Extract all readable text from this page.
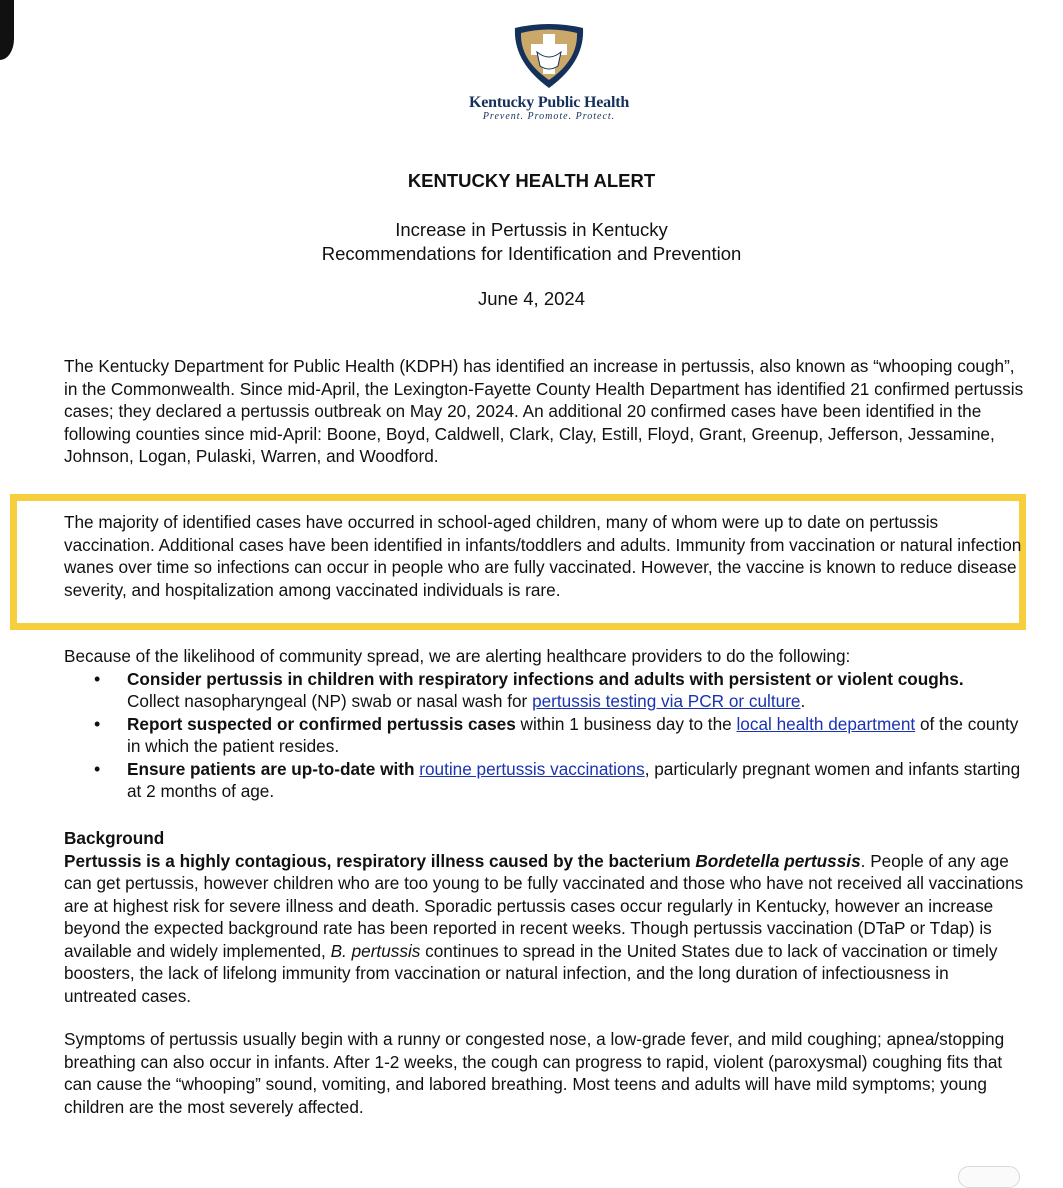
Kentucky Public Health
Prevent. Promote. Protect.
KENTUCKY HEALTH ALERT
Increase in Pertussis in Kentucky
Recommendations for Identification and Prevention
June 4, 2024
The Kentucky Department for Public Health (KDPH) has identified an increase in pertussis, also known as “whooping cough”, in the Commonwealth. Since mid-April, the Lexington-Fayette County Health Department has identified 21 confirmed pertussis cases; they declared a pertussis outbreak on May 20, 2024. An additional 20 confirmed cases have been identified in the following counties since mid-April: Boone, Boyd, Caldwell, Clark, Clay, Estill, Floyd, Grant, Greenup, Jefferson, Jessamine, Johnson, Logan, Pulaski, Warren, and Woodford.
The majority of identified cases have occurred in school-aged children, many of whom were up to date on pertussis vaccination. Additional cases have been identified in infants/toddlers and adults. Immunity from vaccination or natural infection wanes over time so infections can occur in people who are fully vaccinated. However, the vaccine is known to reduce disease severity, and hospitalization among vaccinated individuals is rare.
Because of the likelihood of community spread, we are alerting healthcare providers to do the following:
• Consider pertussis in children with respiratory infections and adults with persistent or violent coughs.  Collect nasopharyngeal (NP) swab or nasal wash for pertussis testing via PCR or culture.
• Report suspected or confirmed pertussis cases within 1 business day to the local health department of the county in which the patient resides.
• Ensure patients are up-to-date with routine pertussis vaccinations, particularly pregnant women and infants starting at 2 months of age.
Background
Pertussis is a highly contagious, respiratory illness caused by the bacterium Bordetella pertussis. People of any age can get pertussis, however children who are too young to be fully vaccinated and those who have not received all vaccinations are at highest risk for severe illness and death. Sporadic pertussis cases occur regularly in Kentucky, however an increase beyond the expected background rate has been reported in recent weeks. Though pertussis vaccination (DTaP or Tdap) is available and widely implemented, B. pertussis continues to spread in the United States due to lack of vaccination or timely boosters, the lack of lifelong immunity from vaccination or natural infection, and the long duration of infectiousness in untreated cases.
Symptoms of pertussis usually begin with a runny or congested nose, a low-grade fever, and mild coughing; apnea/stopping breathing can also occur in infants. After 1-2 weeks, the cough can progress to rapid, violent (paroxysmal) coughing fits that can cause the “whooping” sound, vomiting, and labored breathing. Most teens and adults will have mild symptoms; young children are the most severely affected.
